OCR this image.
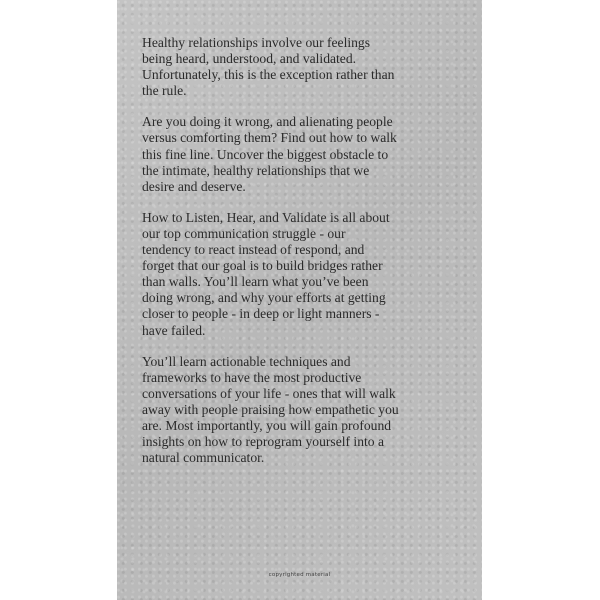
Healthy relationships involve our feelings
being heard, understood, and validated.
Unfortunately, this is the exception rather than
the rule.

Are you doing it wrong, and alienating people
versus comforting them? Find out how to walk
this fine line. Uncover the biggest obstacle to
the intimate, healthy relationships that we
desire and deserve.

How to Listen, Hear, and Validate is all about
our top communication struggle - our
tendency to react instead of respond, and
forget that our goal is to build bridges rather
than walls. You’ll learn what you’ve been
doing wrong, and why your efforts at getting
closer to people - in deep or light manners -
have failed.

You’ll learn actionable techniques and
frameworks to have the most productive
conversations of your life - ones that will walk
away with people praising how empathetic you
are. Most importantly, you will gain profound
insights on how to reprogram yourself into a
natural communicator.

copyrighted material
